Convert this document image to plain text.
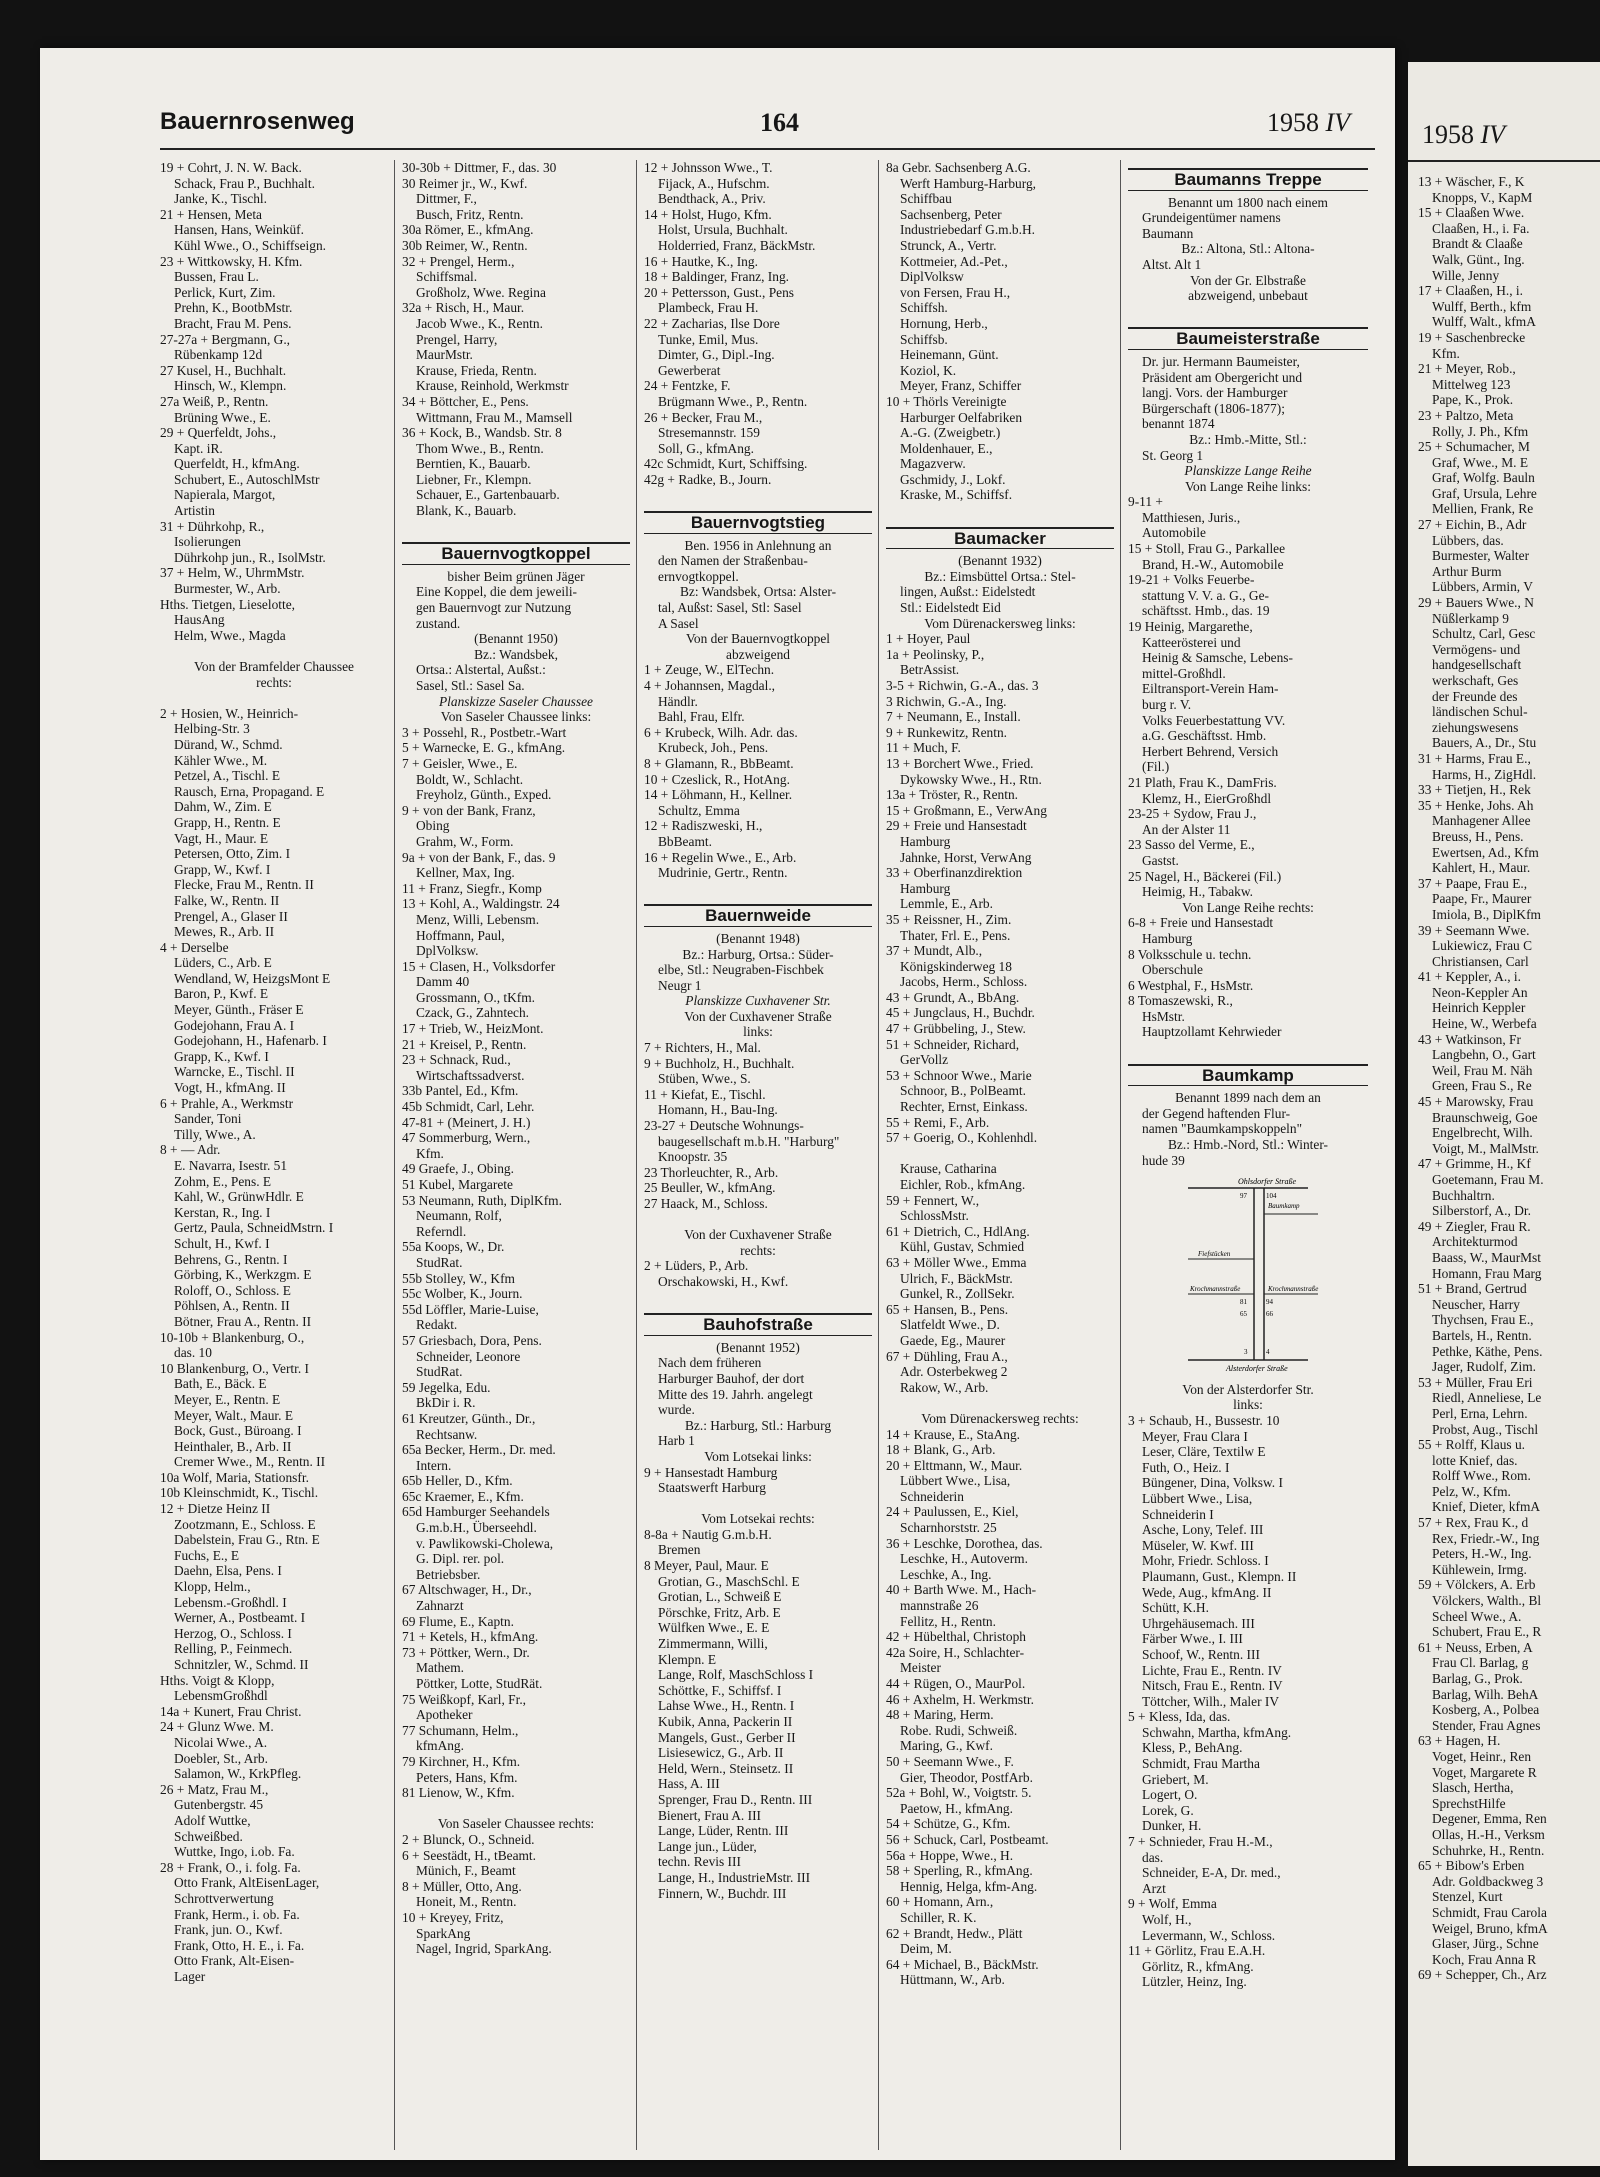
Bauernrosenweg	164	1958 IV
19 + Cohrt, J. N. W. Back.
Schack, Frau P., Buchhalt.
Janke, K., Tischl.
21 + Hensen, Meta
Hansen, Hans, Weinküf.
Kühl Wwe., O., Schiffseign.
23 + Wittkowsky, H. Kfm.
Bussen, Frau L.
Perlick, Kurt, Zim.
Prehn, K., BootbMstr.
Bracht, Frau M. Pens.
27-27a + Bergmann, G.,
Rübenkamp 12d
27 Kusel, H., Buchhalt.
Hinsch, W., Klempn.
27a Weiß, P., Rentn.
Brüning Wwe., E.
29 + Querfeldt, Johs.,
Kapt. iR.
Querfeldt, H., kfmAng.
Schubert, E., AutoschlMstr
Napierala, Margot,
Artistin
31 + Dührkohp, R.,
Isolierungen
Dührkohp jun., R., IsolMstr.
37 + Helm, W., UhrmMstr.
Burmester, W., Arb.
Hths. Tietgen, Lieselotte,
HausAng
Helm, Wwe., Magda

Von der Bramfelder Chaussee
rechts:

2 + Hosien, W., Heinrich-
Helbing-Str. 3
Dürand, W., Schmd.
Kähler Wwe., M.
Petzel, A., Tischl. E
Rausch, Erna, Propagand. E
Dahm, W., Zim. E
Grapp, H., Rentn. E
Vagt, H., Maur. E
Petersen, Otto, Zim. I
Grapp, W., Kwf. I
Flecke, Frau M., Rentn. II
Falke, W., Rentn. II
Prengel, A., Glaser II
Mewes, R., Arb. II
4 + Derselbe
Lüders, C., Arb. E
Wendland, W, HeizgsMont E
Baron, P., Kwf. E
Meyer, Günth., Fräser E
Godejohann, Frau A. I
Godejohann, H., Hafenarb. I
Grapp, K., Kwf. I
Warncke, E., Tischl. II
Vogt, H., kfmAng. II
6 + Prahle, A., Werkmstr
Sander, Toni
Tilly, Wwe., A.
8 + — Adr.
E. Navarra, Isestr. 51
Zohm, E., Pens. E
Kahl, W., GrünwHdlr. E
Kerstan, R., Ing. I
Gertz, Paula, SchneidMstrn. I
Schult, H., Kwf. I
Behrens, G., Rentn. I
Görbing, K., Werkzgm. E
Roloff, O., Schloss. E
Pöhlsen, A., Rentn. II
Bötner, Frau A., Rentn. II
10-10b + Blankenburg, O.,
das. 10
10 Blankenburg, O., Vertr. I
Bath, E., Bäck. E
Meyer, E., Rentn. E
Meyer, Walt., Maur. E
Bock, Gust., Büroang. I
Heinthaler, B., Arb. II
Cremer Wwe., M., Rentn. II
10a Wolf, Maria, Stationsfr.
10b Kleinschmidt, K., Tischl.
12 + Dietze Heinz II
Zootzmann, E., Schloss. E
Dabelstein, Frau G., Rtn. E
Fuchs, E., E
Daehn, Elsa, Pens. I
Klopp, Helm.,
Lebensm.-Großhdl. I
Werner, A., Postbeamt. I
Herzog, O., Schloss. I
Relling, P., Feinmech.
Schnitzler, W., Schmd. II
Hths. Voigt & Klopp,
LebensmGroßhdl
14a + Kunert, Frau Christ.
24 + Glunz Wwe. M.
Nicolai Wwe., A.
Doebler, St., Arb.
Salamon, W., KrkPfleg.
26 + Matz, Frau M.,
Gutenbergstr. 45
Adolf Wuttke,
Schweißbed.
Wuttke, Ingo, i.ob. Fa.
28 + Frank, O., i. folg. Fa.
Otto Frank, AltEisenLager,
Schrottverwertung
Frank, Herm., i. ob. Fa.
Frank, jun. O., Kwf.
Frank, Otto, H. E., i. Fa.
Otto Frank, Alt-Eisen-
Lager
30-30b + Dittmer, F., das. 30
30 Reimer jr., W., Kwf.
Dittmer, F.,
Busch, Fritz, Rentn.
30a Römer, E., kfmAng.
30b Reimer, W., Rentn.
32 + Prengel, Herm.,
Schiffsmal.
Großholz, Wwe. Regina
32a + Risch, H., Maur.
Jacob Wwe., K., Rentn.
Prengel, Harry,
MaurMstr.
Krause, Frieda, Rentn.
Krause, Reinhold, Werkmstr
34 + Böttcher, E., Pens.
Wittmann, Frau M., Mamsell
36 + Kock, B., Wandsb. Str. 8
Thom Wwe., B., Rentn.
Berntien, K., Bauarb.
Liebner, Fr., Klempn.
Schauer, E., Gartenbauarb.
Blank, K., Bauarb.

Bauernvogtkoppel
bisher Beim grünen Jäger
Eine Koppel, die dem jeweili-
gen Bauernvogt zur Nutzung
zustand.
(Benannt 1950)
Bz.: Wandsbek,
Ortsa.: Alstertal, Außst.:
Sasel, Stl.: Sasel Sa.
Planskizze Saseler Chaussee
Von Saseler Chaussee links:
3 + Possehl, R., Postbetr.-Wart
5 + Warnecke, E. G., kfmAng.
7 + Geisler, Wwe., E.
Boldt, W., Schlacht.
Freyholz, Günth., Exped.
9 + von der Bank, Franz,
Obing
Grahm, W., Form.
9a + von der Bank, F., das. 9
Kellner, Max, Ing.
11 + Franz, Siegfr., Komp
13 + Kohl, A., Waldingstr. 24
Menz, Willi, Lebensm.
Hoffmann, Paul,
DplVolksw.
15 + Clasen, H., Volksdorfer
Damm 40
Grossmann, O., tKfm.
Czack, G., Zahntech.
17 + Trieb, W., HeizMont.
21 + Kreisel, P., Rentn.
23 + Schnack, Rud.,
Wirtschaftssadverst.
33b Pantel, Ed., Kfm.
45b Schmidt, Carl, Lehr.
47-81 + (Meinert, J. H.)
47 Sommerburg, Wern.,
Kfm.
49 Graefe, J., Obing.
51 Kubel, Margarete
53 Neumann, Ruth, DiplKfm.
Neumann, Rolf,
Referndl.
55a Koops, W., Dr.
StudRat.
55b Stolley, W., Kfm
55c Wolber, K., Journ.
55d Löffler, Marie-Luise,
Redakt.
57 Griesbach, Dora, Pens.
Schneider, Leonore
StudRat.
59 Jegelka, Edu.
BkDir i. R.
61 Kreutzer, Günth., Dr.,
Rechtsanw.
65a Becker, Herm., Dr. med.
Intern.
65b Heller, D., Kfm.
65c Kraemer, E., Kfm.
65d Hamburger Seehandels
G.m.b.H., Überseehdl.
v. Pawlikowski-Cholewa,
G. Dipl. rer. pol.
Betriebsber.
67 Altschwager, H., Dr.,
Zahnarzt
69 Flume, E., Kaptn.
71 + Ketels, H., kfmAng.
73 + Pöttker, Wern., Dr.
Mathem.
Pöttker, Lotte, StudRät.
75 Weißkopf, Karl, Fr.,
Apotheker
77 Schumann, Helm.,
kfmAng.
79 Kirchner, H., Kfm.
Peters, Hans, Kfm.
81 Lienow, W., Kfm.

Von Saseler Chaussee rechts:
2 + Blunck, O., Schneid.
6 + Seestädt, H., tBeamt.
Münich, F., Beamt
8 + Müller, Otto, Ang.
Honeit, M., Rentn.
10 + Kreyey, Fritz,
SparkAng
Nagel, Ingrid, SparkAng.
12 + Johnsson Wwe., T.
Fijack, A., Hufschm.
Bendthack, A., Priv.
14 + Holst, Hugo, Kfm.
Holst, Ursula, Buchhalt.
Holderried, Franz, BäckMstr.
16 + Hautke, K., Ing.
18 + Baldinger, Franz, Ing.
20 + Pettersson, Gust., Pens
Plambeck, Frau H.
22 + Zacharias, Ilse Dore
Tunke, Emil, Mus.
Dimter, G., Dipl.-Ing.
Gewerberat
24 + Fentzke, F.
Brügmann Wwe., P., Rentn.
26 + Becker, Frau M.,
Stresemannstr. 159
Soll, G., kfmAng.
42c Schmidt, Kurt, Schiffsing.
42g + Radke, B., Journ.

Bauernvogtstieg
Ben. 1956 in Anlehnung an
den Namen der Straßenbau-
ernvogtkoppel.
Bz: Wandsbek, Ortsa: Alster-
tal, Außst: Sasel, Stl: Sasel
A Sasel
Von der Bauernvogtkoppel
abzweigend
1 + Zeuge, W., ElTechn.
4 + Johannsen, Magdal.,
Händlr.
Bahl, Frau, Elfr.
6 + Krubeck, Wilh. Adr. das.
Krubeck, Joh., Pens.
8 + Glamann, R., BbBeamt.
10 + Czeslick, R., HotAng.
14 + Löhmann, H., Kellner.
Schultz, Emma
12 + Radiszweski, H.,
BbBeamt.
16 + Regelin Wwe., E., Arb.
Mudrinie, Gertr., Rentn.

Bauernweide
(Benannt 1948)
Bz.: Harburg, Ortsa.: Süder-
elbe, Stl.: Neugraben-Fischbek
Neugr 1
Planskizze Cuxhavener Str.
Von der Cuxhavener Straße
links:
7 + Richters, H., Mal.
9 + Buchholz, H., Buchhalt.
Stüben, Wwe., S.
11 + Kiefat, E., Tischl.
Homann, H., Bau-Ing.
23-27 + Deutsche Wohnungs-
baugesellschaft m.b.H. "Harburg"
Knoopstr. 35
23 Thorleuchter, R., Arb.
25 Beuller, W., kfmAng.
27 Haack, M., Schloss.

Von der Cuxhavener Straße
rechts:
2 + Lüders, P., Arb.
Orschakowski, H., Kwf.

Bauhofstraße
(Benannt 1952)
Nach dem früheren
Harburger Bauhof, der dort
Mitte des 19. Jahrh. angelegt
wurde.
Bz.: Harburg, Stl.: Harburg
Harb 1
Vom Lotsekai links:
9 + Hansestadt Hamburg
Staatswerft Harburg

Vom Lotsekai rechts:
8-8a + Nautig G.m.b.H.
Bremen
8 Meyer, Paul, Maur. E
Grotian, G., MaschSchl. E
Grotian, L., Schweiß E
Pörschke, Fritz, Arb. E
Wülfken Wwe., E. E
Zimmermann, Willi,
Klempn. E
Lange, Rolf, MaschSchloss I
Schöttke, F., Schiffsf. I
Lahse Wwe., H., Rentn. I
Kubik, Anna, Packerin II
Mangels, Gust., Gerber II
Lisiesewicz, G., Arb. II
Held, Wern., Steinsetz. II
Hass, A. III
Sprenger, Frau D., Rentn. III
Bienert, Frau A. III
Lange, Lüder, Rentn. III
Lange jun., Lüder,
techn. Revis III
Lange, H., IndustrieMstr. III
Finnern, W., Buchdr. III
8a Gebr. Sachsenberg A.G.
Werft Hamburg-Harburg,
Schiffbau
Sachsenberg, Peter
Industriebedarf G.m.b.H.
Strunck, A., Vertr.
Kottmeier, Ad.-Pet.,
DiplVolksw
von Fersen, Frau H.,
Schiffsh.
Hornung, Herb.,
Schiffsb.
Heinemann, Günt.
Koziol, K.
Meyer, Franz, Schiffer
10 + Thörls Vereinigte
Harburger Oelfabriken
A.-G. (Zweigbetr.)
Moldenhauer, E.,
Magazverw.
Gschmidy, J., Lokf.
Kraske, M., Schiffsf.

Baumacker
(Benannt 1932)
Bz.: Eimsbüttel Ortsa.: Stel-
lingen, Außst.: Eidelstedt
Stl.: Eidelstedt Eid
Vom Dürenackersweg links:
1 + Hoyer, Paul
1a + Peolinsky, P.,
BetrAssist.
3-5 + Richwin, G.-A., das. 3
3 Richwin, G.-A., Ing.
7 + Neumann, E., Install.
9 + Runkewitz, Rentn.
11 + Much, F.
13 + Borchert Wwe., Fried.
Dykowsky Wwe., H., Rtn.
13a + Tröster, R., Rentn.
15 + Großmann, E., VerwAng
29 + Freie und Hansestadt
Hamburg
Jahnke, Horst, VerwAng
33 + Oberfinanzdirektion
Hamburg
Lemmle, E., Arb.
35 + Reissner, H., Zim.
Thater, Frl. E., Pens.
37 + Mundt, Alb.,
Königskinderweg 18
Jacobs, Herm., Schloss.
43 + Grundt, A., BbAng.
45 + Jungclaus, H., Buchdr.
47 + Grübbeling, J., Stew.
51 + Schneider, Richard,
GerVollz
53 + Schnoor Wwe., Marie
Schnoor, B., PolBeamt.
Rechter, Ernst, Einkass.
55 + Remi, F., Arb.
57 + Goerig, O., Kohlenhdl.

Krause, Catharina
Eichler, Rob., kfmAng.
59 + Fennert, W.,
SchlossMstr.
61 + Dietrich, C., HdlAng.
Kühl, Gustav, Schmied
63 + Möller Wwe., Emma
Ulrich, F., BäckMstr.
Gunkel, R., ZollSekr.
65 + Hansen, B., Pens.
Slatfeldt Wwe., D.
Gaede, Eg., Maurer
67 + Dühling, Frau A.,
Adr. Osterbekweg 2
Rakow, W., Arb.

Vom Dürenackersweg rechts:
14 + Krause, E., StaAng.
18 + Blank, G., Arb.
20 + Elttmann, W., Maur.
Lübbert Wwe., Lisa,
Schneiderin
24 + Paulussen, E., Kiel,
Scharnhorststr. 25
36 + Leschke, Dorothea, das.
Leschke, H., Autoverm.
Leschke, A., Ing.
40 + Barth Wwe. M., Hach-
mannstraße 26
Fellitz, H., Rentn.
42 + Hübelthal, Christoph
42a Soire, H., Schlachter-
Meister
44 + Rügen, O., MaurPol.
46 + Axhelm, H. Werkmstr.
48 + Maring, Herm.
Robe. Rudi, Schweiß.
Maring, G., Kwf.
50 + Seemann Wwe., F.
Gier, Theodor, PostfArb.
52a + Bohl, W., Voigtstr. 5.
Paetow, H., kfmAng.
54 + Schütze, G., Kfm.
56 + Schuck, Carl, Postbeamt.
56a + Hoppe, Wwe., H.
58 + Sperling, R., kfmAng.
Hennig, Helga, kfm-Ang.
60 + Homann, Arn.,
Schiller, R. K.
62 + Brandt, Hedw., Plätt
Deim, M.
64 + Michael, B., BäckMstr.
Hüttmann, W., Arb.
Baumanns Treppe
Benannt um 1800 nach einem
Grundeigentümer namens
Baumann
Bz.: Altona, Stl.: Altona-
Altst. Alt 1
Von der Gr. Elbstraße
abzweigend, unbebaut

Baumeisterstraße
Dr. jur. Hermann Baumeister,
Präsident am Obergericht und
langj. Vors. der Hamburger
Bürgerschaft (1806-1877);
benannt 1874
Bz.: Hmb.-Mitte, Stl.:
St. Georg 1
Planskizze Lange Reihe
Von Lange Reihe links:
9-11 +
Matthiesen, Juris.,
Automobile
15 + Stoll, Frau G., Parkallee
Brand, H.-W., Automobile
19-21 + Volks Feuerbe-
stattung V. V. a. G., Ge-
schäftsst. Hmb., das. 19
19 Heinig, Margarethe,
Katteerösterei und
Heinig & Samsche, Lebens-
mittel-Großhdl.
Eiltransport-Verein Ham-
burg r. V.
Volks Feuerbestattung VV.
a.G. Geschäftsst. Hmb.
Herbert Behrend, Versich
(Fil.)
21 Plath, Frau K., DamFris.
Klemz, H., EierGroßhdl
23-25 + Sydow, Frau J.,
An der Alster 11
23 Sasso del Verme, E.,
Gastst.
25 Nagel, H., Bäckerei (Fil.)
Heimig, H., Tabakw.
Von Lange Reihe rechts:
6-8 + Freie und Hansestadt
Hamburg
8 Volksschule u. techn.
Oberschule
6 Westphal, F., HsMstr.
8 Tomaszewski, R.,
HsMstr.
Hauptzollamt Kehrwieder

Baumkamp
Benannt 1899 nach dem an
der Gegend haftenden Flur-
namen "Baumkampskoppeln"
Bz.: Hmb.-Nord, Stl.: Winter-
hude 39
Ohlsdorfer Straße
Alsterdorfer Straße
Baumkamp
Fiefstücken
Krochmannstraße	Krochmannstraße
97	104
81	94
65	66
3	4
Von der Alsterdorfer Str.
links:
3 + Schaub, H., Bussestr. 10
Meyer, Frau Clara I
Leser, Cläre, Textilw E
Futh, O., Heiz. I
Büngener, Dina, Volksw. I
Lübbert Wwe., Lisa,
Schneiderin I
Asche, Lony, Telef. III
Müseler, W. Kwf. III
Mohr, Friedr. Schloss. I
Plaumann, Gust., Klempn. II
Wede, Aug., kfmAng. II
Schütt, K.H.
Uhrgehäusemach. III
Färber Wwe., I. III
Schoof, W., Rentn. III
Lichte, Frau E., Rentn. IV
Nitsch, Frau E., Rentn. IV
Töttcher, Wilh., Maler IV
5 + Kless, Ida, das.
Schwahn, Martha, kfmAng.
Kless, P., BehAng.
Schmidt, Frau Martha
Griebert, M.
Logert, O.
Lorek, G.
Dunker, H.
7 + Schnieder, Frau H.-M.,
das.
Schneider, E-A, Dr. med.,
Arzt
9 + Wolf, Emma
Wolf, H.,
Levermann, W., Schloss.
11 + Görlitz, Frau E.A.H.
Görlitz, R., kfmAng.
Lützler, Heinz, Ing.
1958 IV
13 + Wäscher, F., K
Knopps, V., KapM
15 + Claaßen Wwe.
Claaßen, H., i. Fa.
Brandt & Claaße
Walk, Günt., Ing.
Wille, Jenny
17 + Claaßen, H., i.
Wulff, Berth., kfm
Wulff, Walt., kfmA
19 + Saschenbrecke
Kfm.
21 + Meyer, Rob.,
Mittelweg 123
Pape, K., Prok.
23 + Paltzo, Meta
Rolly, J. Ph., Kfm
25 + Schumacher, M
Graf, Wwe., M. E
Graf, Wolfg. Bauln
Graf, Ursula, Lehre
Mellien, Frank, Re
27 + Eichin, B., Adr
Lübbers, das.
Burmester, Walter
Arthur Burm
Lübbers, Armin, V
29 + Bauers Wwe., N
Nüßlerkamp 9
Schultz, Carl, Gesc
Vermögens- und
handgesellschaft
werkschaft, Ges
der Freunde des
ländischen Schul-
ziehungswesens
Bauers, A., Dr., Stu
31 + Harms, Frau E.,
Harms, H., ZigHdl.
33 + Tietjen, H., Rek
35 + Henke, Johs. Ah
Manhagener Allee
Breuss, H., Pens.
Ewertsen, Ad., Kfm
Kahlert, H., Maur.
37 + Paape, Frau E.,
Paape, Fr., Maurer
Imiola, B., DiplKfm
39 + Seemann Wwe.
Lukiewicz, Frau C
Christiansen, Carl
41 + Keppler, A., i.
Neon-Keppler An
Heinrich Keppler
Heine, W., Werbefa
43 + Watkinson, Fr
Langbehn, O., Gart
Weil, Frau M. Näh
Green, Frau S., Re
45 + Marowsky, Frau
Braunschweig, Goe
Engelbrecht, Wilh.
Voigt, M., MalMstr.
47 + Grimme, H., Kf
Goetemann, Frau M.
Buchhaltrn.
Silberstorf, A., Dr.
49 + Ziegler, Frau R.
Architekturmod
Baass, W., MaurMst
Homann, Frau Marg
51 + Brand, Gertrud
Neuscher, Harry
Thychsen, Frau E.,
Bartels, H., Rentn.
Pethke, Käthe, Pens.
Jager, Rudolf, Zim.
53 + Müller, Frau Eri
Riedl, Anneliese, Le
Perl, Erna, Lehrn.
Probst, Aug., Tischl
55 + Rolff, Klaus u.
lotte Knief, das.
Rolff Wwe., Rom.
Pelz, W., Kfm.
Knief, Dieter, kfmA
57 + Rex, Frau K., d
Rex, Friedr.-W., Ing
Peters, H.-W., Ing.
Kühlewein, Irmg.
59 + Völckers, A. Erb
Völckers, Walth., Bl
Scheel Wwe., A.
Schubert, Frau E., R
61 + Neuss, Erben, A
Frau Cl. Barlag, g
Barlag, G., Prok.
Barlag, Wilh. BehA
Kosberg, A., Polbea
Stender, Frau Agnes
63 + Hagen, H.
Voget, Heinr., Ren
Voget, Margarete R
Slasch, Hertha,
SprechstHilfe
Degener, Emma, Ren
Ollas, H.-H., Verksm
Schuhrke, H., Rentn.
65 + Bibow's Erben
Adr. Goldbackweg 3
Stenzel, Kurt
Schmidt, Frau Carola
Weigel, Bruno, kfmA
Glaser, Jürg., Schne
Koch, Frau Anna R
69 + Schepper, Ch., Arz
